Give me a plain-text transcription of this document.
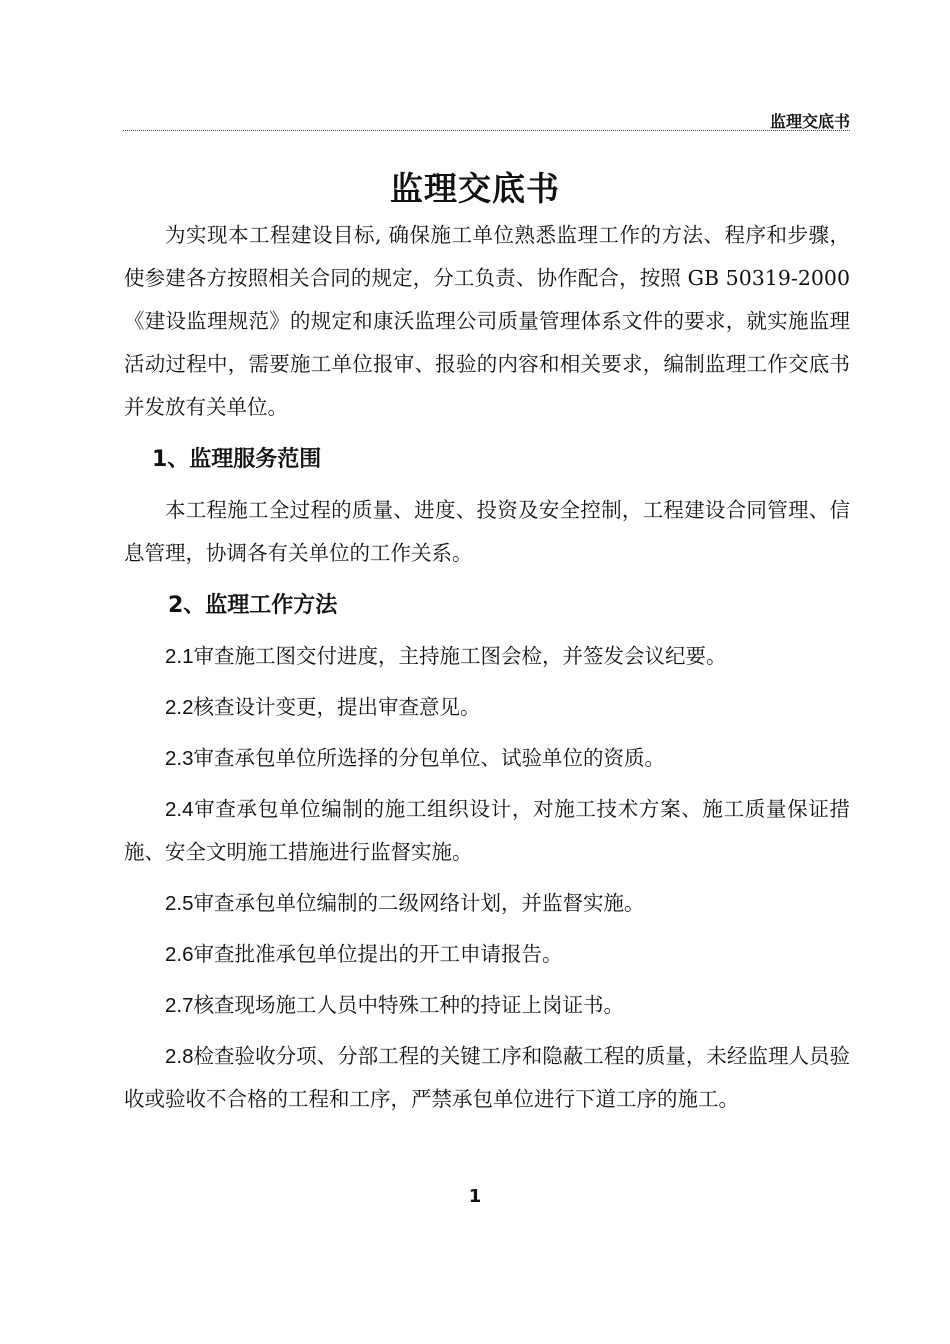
监理交底书
监理交底书

为实现本工程建设目标, 确保施工单位熟悉监理工作的方法、程序和步骤，使参建各方按照相关合同的规定，分工负责、协作配合，按照 GB 50319-2000《建设监理规范》的规定和康沃监理公司质量管理体系文件的要求，就实施监理活动过程中，需要施工单位报审、报验的内容和相关要求，编制监理工作交底书并发放有关单位。

1、监理服务范围

本工程施工全过程的质量、进度、投资及安全控制，工程建设合同管理、信息管理，协调各有关单位的工作关系。

2、监理工作方法

2.1审查施工图交付进度，主持施工图会检，并签发会议纪要。

2.2核查设计变更，提出审查意见。

2.3审查承包单位所选择的分包单位、试验单位的资质。

2.4审查承包单位编制的施工组织设计，对施工技术方案、施工质量保证措施、安全文明施工措施进行监督实施。

2.5审查承包单位编制的二级网络计划，并监督实施。

2.6审查批准承包单位提出的开工申请报告。

2.7核查现场施工人员中特殊工种的持证上岗证书。

2.8检查验收分项、分部工程的关键工序和隐蔽工程的质量，未经监理人员验收或验收不合格的工程和工序，严禁承包单位进行下道工序的施工。

1
